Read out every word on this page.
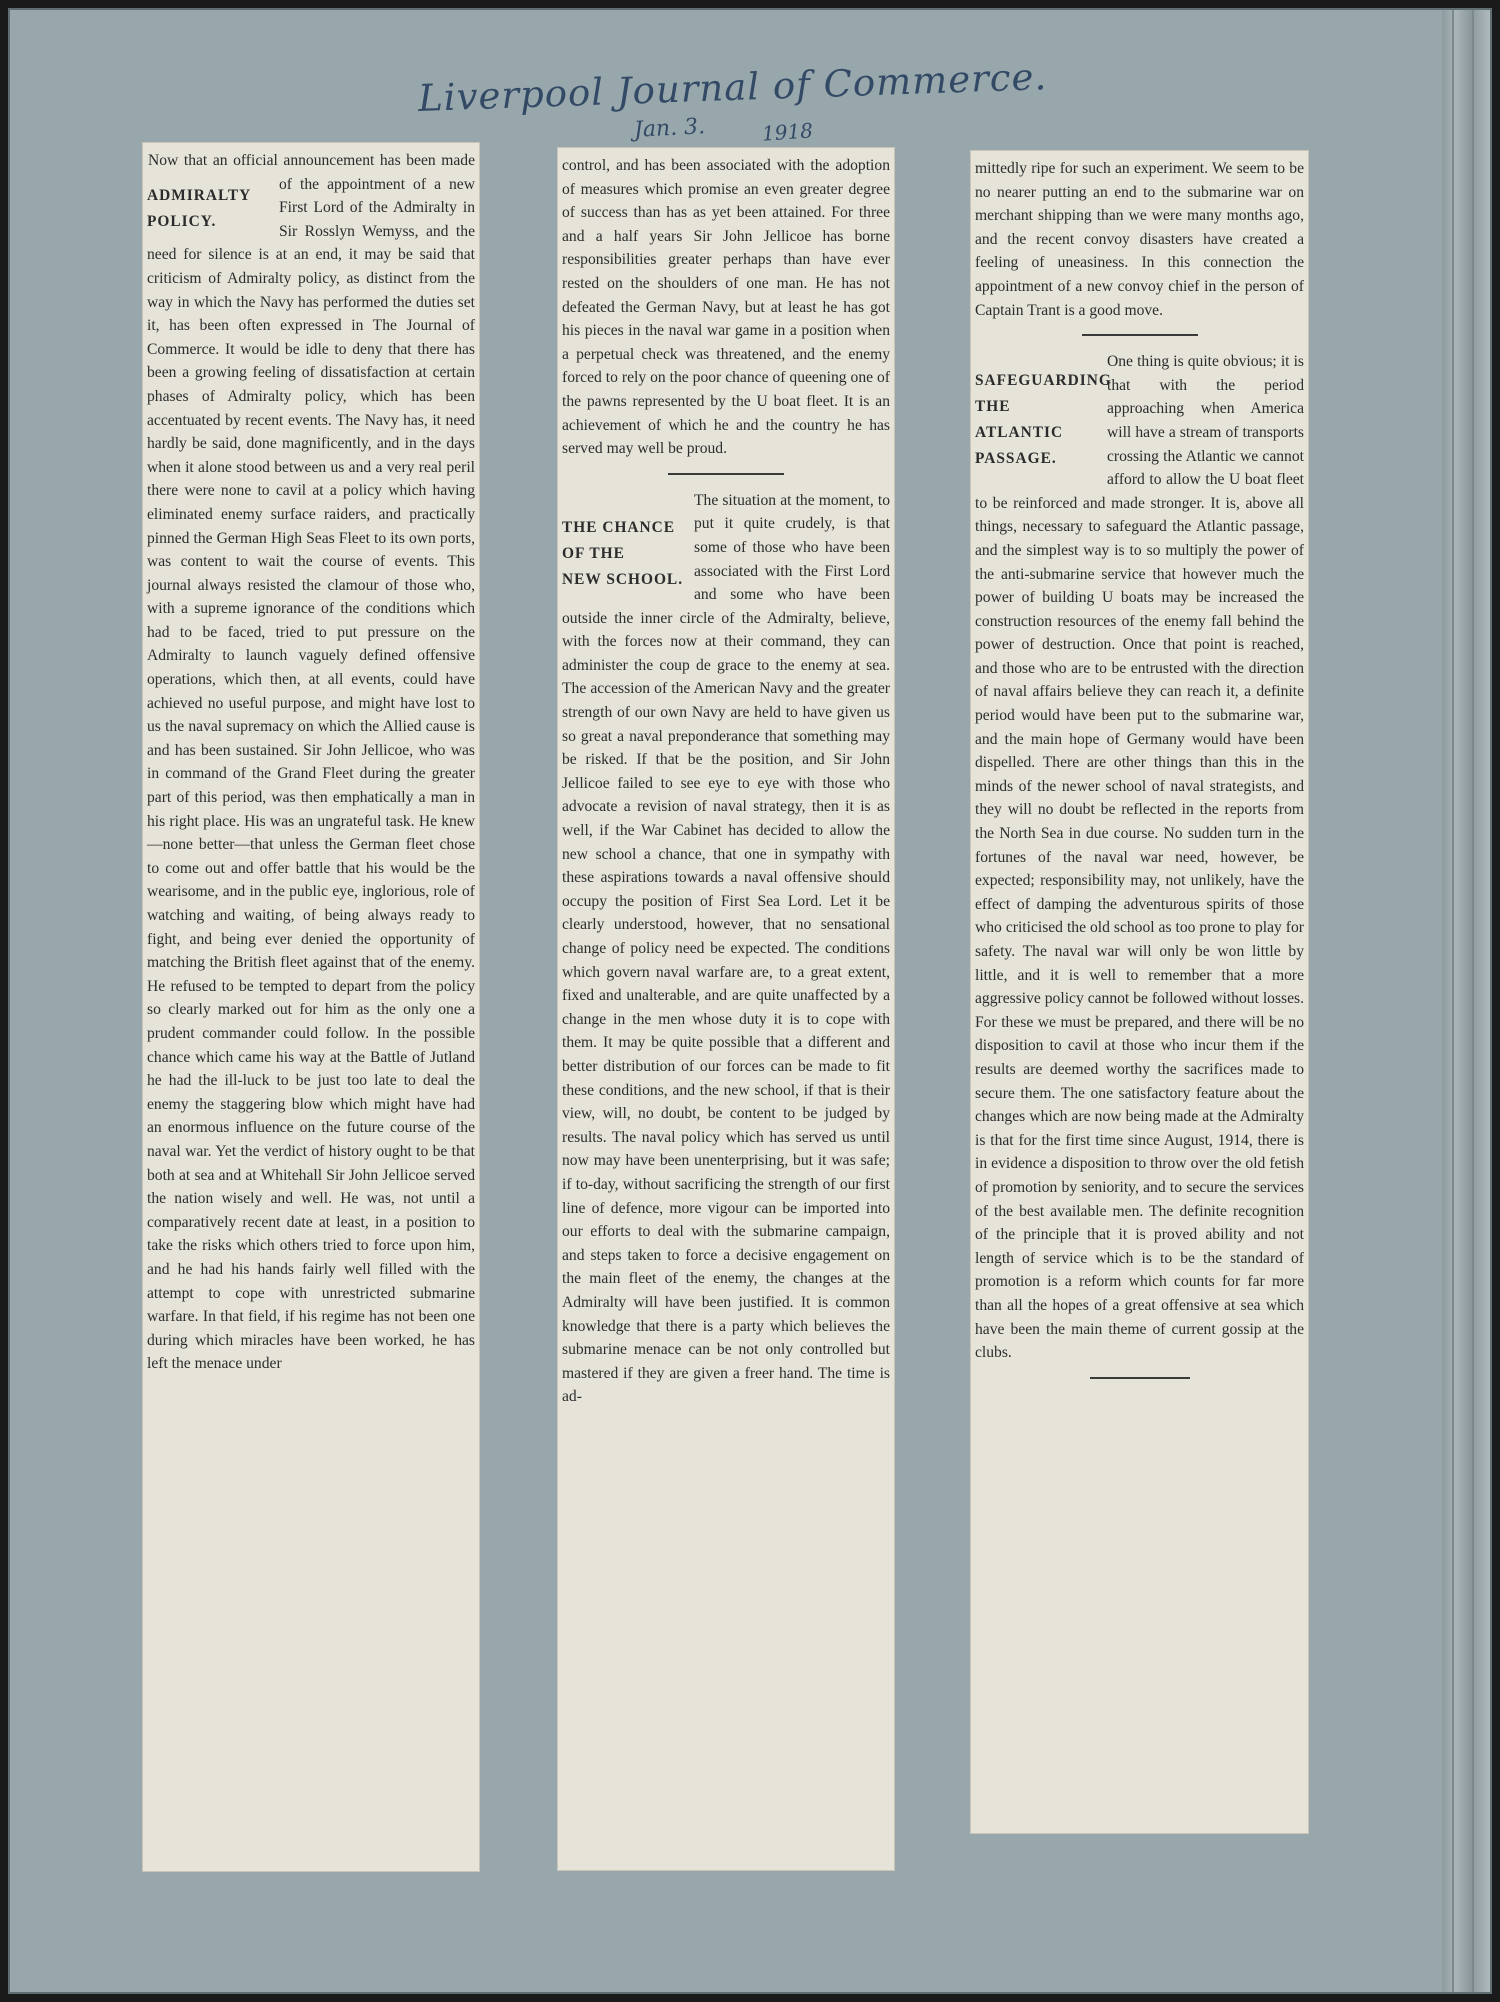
Liverpool Journal of Commerce.
Jan. 3.	1918
ADMIRALTY
POLICY.

Now that an official announcement has been made of the appointment of a new First Lord of the Admiralty in Sir Rosslyn Wemyss, and the need for silence is at an end, it may be said that criticism of Admiralty policy, as distinct from the way in which the Navy has performed the duties set it, has been often expressed in The Journal of Commerce. It would be idle to deny that there has been a growing feeling of dissatisfaction at certain phases of Admiralty policy, which has been accentuated by recent events. The Navy has, it need hardly be said, done magnificently, and in the days when it alone stood between us and a very real peril there were none to cavil at a policy which having eliminated enemy surface raiders, and practically pinned the German High Seas Fleet to its own ports, was content to wait the course of events. This journal always resisted the clamour of those who, with a supreme ignorance of the conditions which had to be faced, tried to put pressure on the Admiralty to launch vaguely defined offensive operations, which then, at all events, could have achieved no useful purpose, and might have lost to us the naval supremacy on which the Allied cause is and has been sustained. Sir John Jellicoe, who was in command of the Grand Fleet during the greater part of this period, was then emphatically a man in his right place. His was an ungrateful task. He knew—none better—that unless the German fleet chose to come out and offer battle that his would be the wearisome, and in the public eye, inglorious, role of watching and waiting, of being always ready to fight, and being ever denied the opportunity of matching the British fleet against that of the enemy. He refused to be tempted to depart from the policy so clearly marked out for him as the only one a prudent commander could follow. In the possible chance which came his way at the Battle of Jutland he had the ill-luck to be just too late to deal the enemy the staggering blow which might have had an enormous influence on the future course of the naval war. Yet the verdict of history ought to be that both at sea and at Whitehall Sir John Jellicoe served the nation wisely and well. He was, not until a comparatively recent date at least, in a position to take the risks which others tried to force upon him, and he had his hands fairly well filled with the attempt to cope with unrestricted submarine warfare. In that field, if his regime has not been one during which miracles have been worked, he has left the menace under

control, and has been associated with the adoption of measures which promise an even greater degree of success than has as yet been attained. For three and a half years Sir John Jellicoe has borne responsibilities greater perhaps than have ever rested on the shoulders of one man. He has not defeated the German Navy, but at least he has got his pieces in the naval war game in a position when a perpetual check was threatened, and the enemy forced to rely on the poor chance of queening one of the pawns represented by the U boat fleet. It is an achievement of which he and the country he has served may well be proud.

THE CHANCE
OF THE
NEW SCHOOL.

The situation at the moment, to put it quite crudely, is that some of those who have been associated with the First Lord and some who have been outside the inner circle of the Admiralty, believe, with the forces now at their command, they can administer the coup de grace to the enemy at sea. The accession of the American Navy and the greater strength of our own Navy are held to have given us so great a naval preponderance that something may be risked. If that be the position, and Sir John Jellicoe failed to see eye to eye with those who advocate a revision of naval strategy, then it is as well, if the War Cabinet has decided to allow the new school a chance, that one in sympathy with these aspirations towards a naval offensive should occupy the position of First Sea Lord. Let it be clearly understood, however, that no sensational change of policy need be expected. The conditions which govern naval warfare are, to a great extent, fixed and unalterable, and are quite unaffected by a change in the men whose duty it is to cope with them. It may be quite possible that a different and better distribution of our forces can be made to fit these conditions, and the new school, if that is their view, will, no doubt, be content to be judged by results. The naval policy which has served us until now may have been unenterprising, but it was safe; if to-day, without sacrificing the strength of our first line of defence, more vigour can be imported into our efforts to deal with the submarine campaign, and steps taken to force a decisive engagement on the main fleet of the enemy, the changes at the Admiralty will have been justified. It is common knowledge that there is a party which believes the submarine menace can be not only controlled but mastered if they are given a freer hand. The time is ad-

mittedly ripe for such an experiment. We seem to be no nearer putting an end to the submarine war on merchant shipping than we were many months ago, and the recent convoy disasters have created a feeling of uneasiness. In this connection the appointment of a new convoy chief in the person of Captain Trant is a good move.

SAFEGUARDING
THE ATLANTIC
PASSAGE.

One thing is quite obvious; it is that with the period approaching when America will have a stream of transports crossing the Atlantic we cannot afford to allow the U boat fleet to be reinforced and made stronger. It is, above all things, necessary to safeguard the Atlantic passage, and the simplest way is to so multiply the power of the anti-submarine service that however much the power of building U boats may be increased the construction resources of the enemy fall behind the power of destruction. Once that point is reached, and those who are to be entrusted with the direction of naval affairs believe they can reach it, a definite period would have been put to the submarine war, and the main hope of Germany would have been dispelled. There are other things than this in the minds of the newer school of naval strategists, and they will no doubt be reflected in the reports from the North Sea in due course. No sudden turn in the fortunes of the naval war need, however, be expected; responsibility may, not unlikely, have the effect of damping the adventurous spirits of those who criticised the old school as too prone to play for safety. The naval war will only be won little by little, and it is well to remember that a more aggressive policy cannot be followed without losses. For these we must be prepared, and there will be no disposition to cavil at those who incur them if the results are deemed worthy the sacrifices made to secure them. The one satisfactory feature about the changes which are now being made at the Admiralty is that for the first time since August, 1914, there is in evidence a disposition to throw over the old fetish of promotion by seniority, and to secure the services of the best available men. The definite recognition of the principle that it is proved ability and not length of service which is to be the standard of promotion is a reform which counts for far more than all the hopes of a great offensive at sea which have been the main theme of current gossip at the clubs.
